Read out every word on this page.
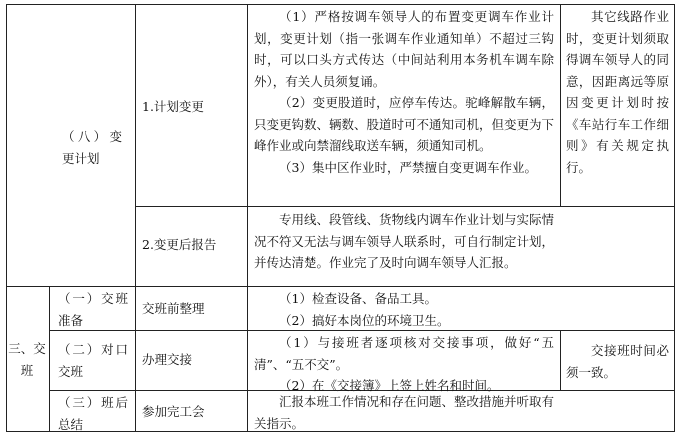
（八）变更计划

1.计划变更

（1）严格按调车领导人的布置变更调车作业计划，变更计划（指一张调车作业通知单）不超过三钩时，可以口头方式传达（中间站利用本务机车调车除外），有关人员须复诵。

（2）变更股道时，应停车传达。驼峰解散车辆，只变更钩数、辆数、股道时可不通知司机，但变更为下峰作业或向禁溜线取送车辆，须通知司机。

（3）集中区作业时，严禁擅自变更调车作业。

其它线路作业时，变更计划须取得调车领导人的同意，因距离远等原因变更计划时按《车站行车工作细则》有关规定执行。

2.变更后报告

专用线、段管线、货物线内调车作业计划与实际情况不符又无法与调车领导人联系时，可自行制定计划，并传达清楚。作业完了及时向调车领导人汇报。

三、交班

（一）交班准备

交班前整理

（1）检查设备、备品工具。

（2）搞好本岗位的环境卫生。

（二）对口交班

办理交接

（1）与接班者逐项核对交接事项，做好“五清”、“五不交”。

（2）在《交接簿》上签上姓名和时间。

交接班时间必须一致。

（三）班后总结

参加完工会

汇报本班工作情况和存在问题、整改措施并听取有关指示。
